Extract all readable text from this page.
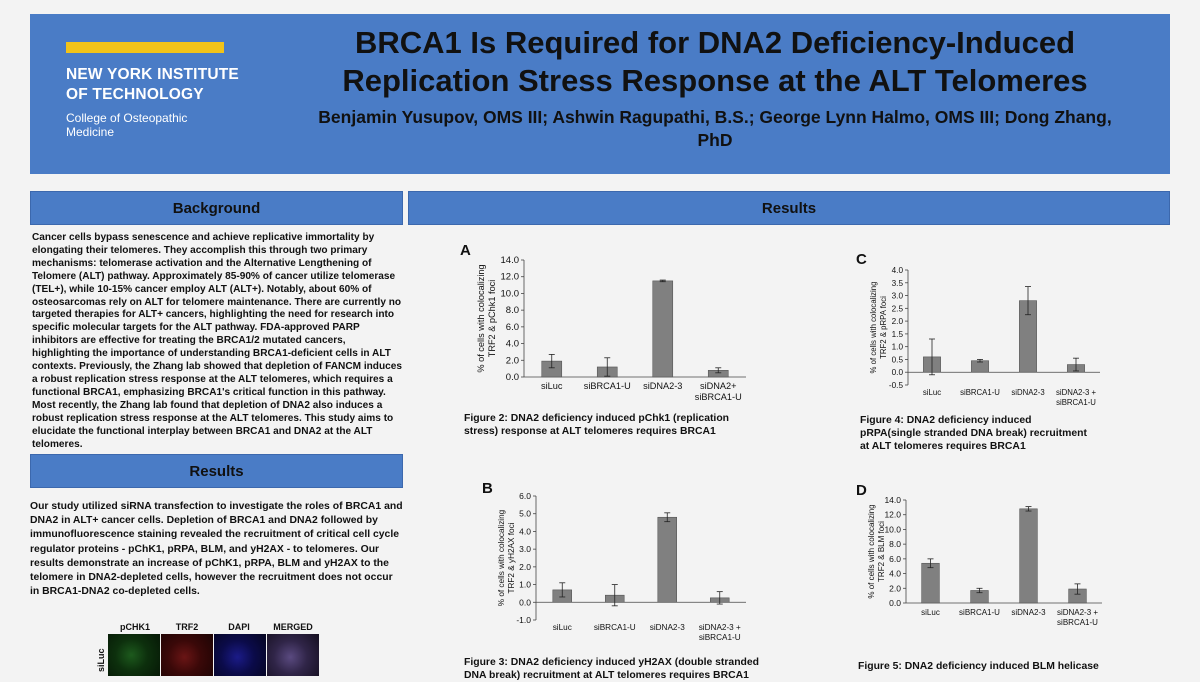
NEW YORK INSTITUTE
OF TECHNOLOGY
College of Osteopathic
Medicine
BRCA1 Is Required for DNA2 Deficiency-Induced
Replication Stress Response at the ALT Telomeres
Benjamin Yusupov, OMS III; Ashwin Ragupathi, B.S.; George Lynn Halmo, OMS III; Dong Zhang,
PhD
Background
Cancer cells bypass senescence and achieve replicative immortality by elongating their telomeres. They accomplish this through two primary mechanisms: telomerase activation and the Alternative Lengthening of Telomere (ALT) pathway. Approximately 85-90% of cancer utilize telomerase (TEL+), while 10-15% cancer employ ALT (ALT+). Notably, about 60% of osteosarcomas rely on ALT for telomere maintenance. There are currently no targeted therapies for ALT+ cancers, highlighting the need for research into specific molecular targets for the ALT pathway. FDA-approved PARP inhibitors are effective for treating the BRCA1/2 mutated cancers, highlighting the importance of understanding BRCA1-deficient cells in ALT contexts. Previously, the Zhang lab showed that depletion of FANCM induces a robust replication stress response at the ALT telomeres, which requires a functional BRCA1, emphasizing BRCA1's critical function in this pathway. Most recently, the Zhang lab found that depletion of DNA2 also induces a robust replication stress response at the ALT telomeres. This study aims to elucidate the functional interplay between BRCA1 and DNA2 at the ALT telomeres.
Results
Our study utilized siRNA transfection to investigate the roles of BRCA1 and DNA2 in ALT+ cancer cells. Depletion of BRCA1 and DNA2 followed by immunofluorescence staining revealed the recruitment of critical cell cycle regulator proteins - pChK1, pRPA, BLM, and yH2AX - to telomeres. Our results demonstrate an increase of pChK1, pRPA, BLM and yH2AX to the telomere in DNA2-depleted cells, however the recruitment does not occur in BRCA1-DNA2 co-depleted cells.
pCHK1	TRF2	DAPI	MERGED
siLuc
Results
A
0.0
2.0
4.0
6.0
8.0
10.0
12.0
14.0
siLuc siBRCA1-U siDNA2-3 siDNA2+
siBRCA1-U
% of cells with colocalizing TRF2 & pChk1 foci
Figure 2: DNA2 deficiency induced pChk1 (replication
stress) response at ALT telomeres requires BRCA1
B
-1.0
0.0
1.0
2.0
3.0
4.0
5.0
6.0
siLuc	siBRCA1-U siDNA2-3 siDNA2-3 +
siBRCA1-U
% of cells with colocalizing TRF2 & yH2AX foci
Figure 3: DNA2 deficiency induced yH2AX (double stranded
DNA break) recruitment at ALT telomeres requires BRCA1
C
-0.5
0.0
0.5
1.0
1.5
2.0
2.5
3.0
3.5
4.0
siLuc siBRCA1-U siDNA2-3 siDNA2-3 +
siBRCA1-U
% of cells with colocalizing TRF2 & pRPA foci
Figure 4: DNA2 deficiency induced
pRPA(single stranded DNA break) recruitment
at ALT telomeres requires BRCA1
D
0.0
2.0
4.0
6.0
8.0
10.0
12.0
14.0
siLuc siBRCA1-U siDNA2-3 siDNA2-3 +
siBRCA1-U
% of cells with colocalizing TRF2 & BLM foci
Figure 5: DNA2 deficiency induced BLM helicase
